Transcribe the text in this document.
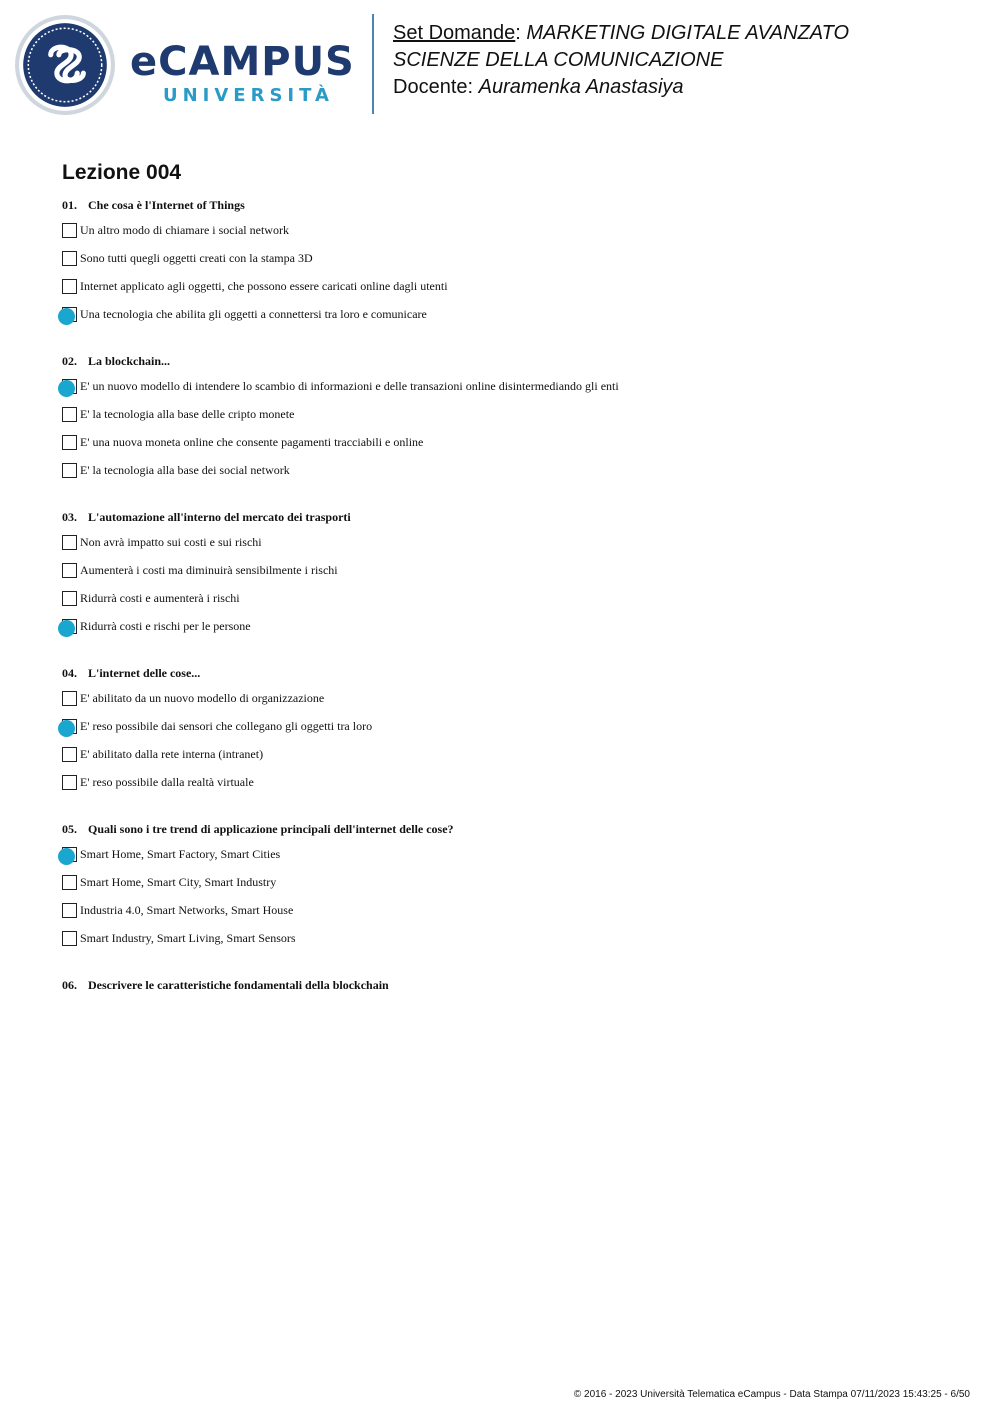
eCAMPUS
UNIVERSITÀ
Set Domande: MARKETING DIGITALE AVANZATO
SCIENZE DELLA COMUNICAZIONE
Docente: Auramenka Anastasiya
Lezione 004
01. Che cosa è l'Internet of Things
Un altro modo di chiamare i social network
Sono tutti quegli oggetti creati con la stampa 3D
Internet applicato agli oggetti, che possono essere caricati online dagli utenti
Una tecnologia che abilita gli oggetti a connettersi tra loro e comunicare
02. La blockchain...
E' un nuovo modello di intendere lo scambio di informazioni e delle transazioni online disintermediando gli enti
E' la tecnologia alla base delle cripto monete
E' una nuova moneta online che consente pagamenti tracciabili e online
E' la tecnologia alla base dei social network
03. L'automazione all'interno del mercato dei trasporti
Non avrà impatto sui costi e sui rischi
Aumenterà i costi ma diminuirà sensibilmente i rischi
Ridurrà costi e aumenterà i rischi
Ridurrà costi e rischi per le persone
04. L'internet delle cose...
E' abilitato da un nuovo modello di organizzazione
E' reso possibile dai sensori che collegano gli oggetti tra loro
E' abilitato dalla rete interna (intranet)
E' reso possibile dalla realtà virtuale
05. Quali sono i tre trend di applicazione principali dell'internet delle cose?
Smart Home, Smart Factory, Smart Cities
Smart Home, Smart City, Smart Industry
Industria 4.0, Smart Networks, Smart House
Smart Industry, Smart Living, Smart Sensors
06. Descrivere le caratteristiche fondamentali della blockchain
© 2016 - 2023 Università Telematica eCampus - Data Stampa 07/11/2023 15:43:25 - 6/50
